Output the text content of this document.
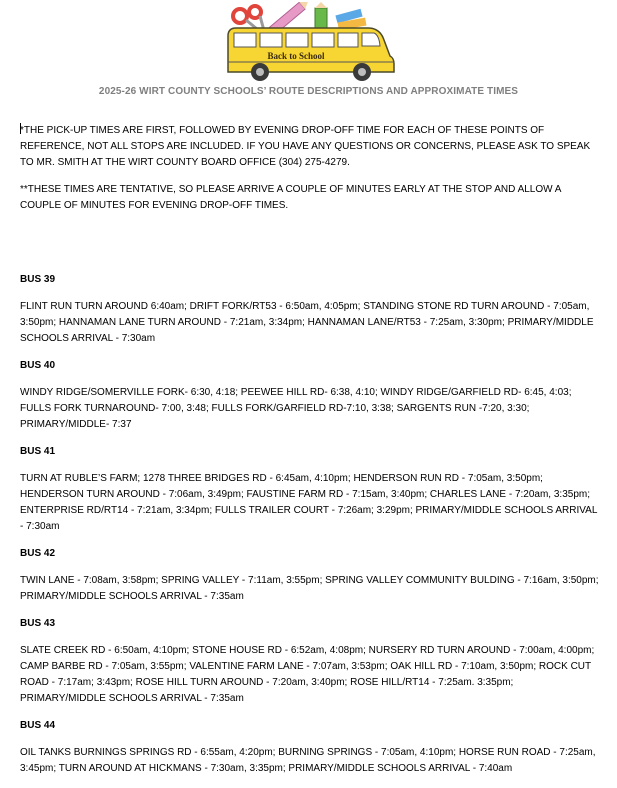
Back to School
2025-26 WIRT COUNTY SCHOOLS’ ROUTE DESCRIPTIONS AND APPROXIMATE TIMES
*THE PICK-UP TIMES ARE FIRST, FOLLOWED BY EVENING DROP-OFF TIME FOR EACH OF THESE POINTS OF REFERENCE, NOT ALL STOPS ARE INCLUDED. IF YOU HAVE ANY QUESTIONS OR CONCERNS, PLEASE ASK TO SPEAK TO MR. SMITH AT THE WIRT COUNTY BOARD OFFICE (304) 275-4279.
**THESE TIMES ARE TENTATIVE, SO PLEASE ARRIVE A COUPLE OF MINUTES EARLY AT THE STOP AND ALLOW A COUPLE OF MINUTES FOR EVENING DROP-OFF TIMES.
BUS 39
FLINT RUN TURN AROUND 6:40am; DRIFT FORK/RT53 - 6:50am, 4:05pm; STANDING STONE RD TURN AROUND - 7:05am, 3:50pm; HANNAMAN LANE TURN AROUND - 7:21am, 3:34pm; HANNAMAN LANE/RT53 - 7:25am, 3:30pm; PRIMARY/MIDDLE SCHOOLS ARRIVAL - 7:30am
BUS 40
WINDY RIDGE/SOMERVILLE FORK- 6:30, 4:18; PEEWEE HILL RD- 6:38, 4:10; WINDY RIDGE/GARFIELD RD- 6:45, 4:03; FULLS FORK TURNAROUND- 7:00, 3:48; FULLS FORK/GARFIELD RD-7:10, 3:38; SARGENTS RUN -7:20, 3:30; PRIMARY/MIDDLE- 7:37
BUS 41
TURN AT RUBLE’S FARM; 1278 THREE BRIDGES RD - 6:45am, 4:10pm; HENDERSON RUN RD - 7:05am, 3:50pm; HENDERSON TURN AROUND - 7:06am, 3:49pm; FAUSTINE FARM RD - 7:15am, 3:40pm; CHARLES LANE - 7:20am, 3:35pm; ENTERPRISE RD/RT14 - 7:21am, 3:34pm; FULLS TRAILER COURT - 7:26am; 3:29pm; PRIMARY/MIDDLE SCHOOLS ARRIVAL - 7:30am
BUS 42
TWIN LANE - 7:08am, 3:58pm; SPRING VALLEY - 7:11am, 3:55pm; SPRING VALLEY COMMUNITY BULDING - 7:16am, 3:50pm; PRIMARY/MIDDLE SCHOOLS ARRIVAL - 7:35am
BUS 43
SLATE CREEK RD - 6:50am, 4:10pm; STONE HOUSE RD - 6:52am, 4:08pm; NURSERY RD TURN AROUND - 7:00am, 4:00pm; CAMP BARBE RD - 7:05am, 3:55pm; VALENTINE FARM LANE - 7:07am, 3:53pm; OAK HILL RD - 7:10am, 3:50pm; ROCK CUT ROAD - 7:17am; 3:43pm; ROSE HILL TURN AROUND - 7:20am, 3:40pm; ROSE HILL/RT14 - 7:25am. 3:35pm; PRIMARY/MIDDLE SCHOOLS ARRIVAL - 7:35am
BUS 44
OIL TANKS BURNINGS SPRINGS RD - 6:55am, 4:20pm; BURNING SPRINGS - 7:05am, 4:10pm; HORSE RUN ROAD - 7:25am, 3:45pm; TURN AROUND AT HICKMANS - 7:30am, 3:35pm; PRIMARY/MIDDLE SCHOOLS ARRIVAL - 7:40am
